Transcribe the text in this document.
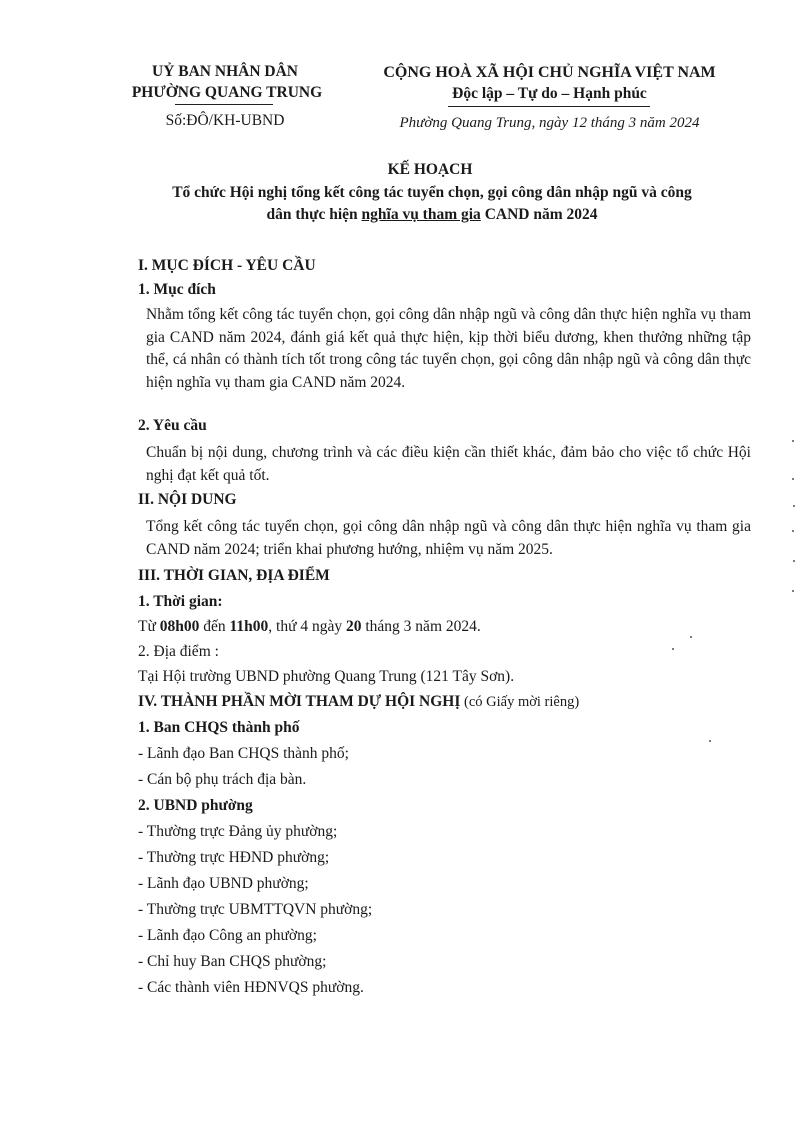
UỶ BAN NHÂN DÂN
PHƯỜNG QUANG TRUNG
Số:ĐÔ/KH-UBND
CỘNG HOÀ XÃ HỘI CHỦ NGHĨA VIỆT NAM
Độc lập – Tự do – Hạnh phúc
Phường Quang Trung, ngày 12 tháng 3 năm 2024
KẾ HOẠCH
Tổ chức Hội nghị tổng kết công tác tuyển chọn, gọi công dân nhập ngũ và công
dân thực hiện nghĩa vụ tham gia CAND năm 2024
I. MỤC ĐÍCH - YÊU CẦU
1. Mục đích
Nhằm tổng kết công tác tuyển chọn, gọi công dân nhập ngũ và công dân thực hiện nghĩa vụ tham gia CAND năm 2024, đánh giá kết quả thực hiện, kịp thời biểu dương, khen thưởng những tập thể, cá nhân có thành tích tốt trong công tác tuyển chọn, gọi công dân nhập ngũ và công dân thực hiện nghĩa vụ tham gia CAND năm 2024.
2. Yêu cầu
Chuẩn bị nội dung, chương trình và các điều kiện cần thiết khác, đảm bảo cho việc tổ chức Hội nghị đạt kết quả tốt.
II. NỘI DUNG
Tổng kết công tác tuyển chọn, gọi công dân nhập ngũ và công dân thực hiện nghĩa vụ tham gia CAND năm 2024; triển khai phương hướng, nhiệm vụ năm 2025.
III. THỜI GIAN, ĐỊA ĐIỂM
1. Thời gian:
Từ 08h00 đến 11h00, thứ 4 ngày 20 tháng 3 năm 2024.
2. Địa điểm :
Tại Hội trường UBND phường Quang Trung (121 Tây Sơn).
IV. THÀNH PHẦN MỜI THAM DỰ HỘI NGHỊ (có Giấy mời riêng)
1. Ban CHQS thành phố
- Lãnh đạo Ban CHQS thành phố;
- Cán bộ phụ trách địa bàn.
2. UBND phường
- Thường trực Đảng ủy phường;
- Thường trực HĐND phường;
- Lãnh đạo UBND phường;
- Thường trực UBMTTQVN phường;
- Lãnh đạo Công an phường;
- Chỉ huy Ban CHQS phường;
- Các thành viên HĐNVQS phường.
